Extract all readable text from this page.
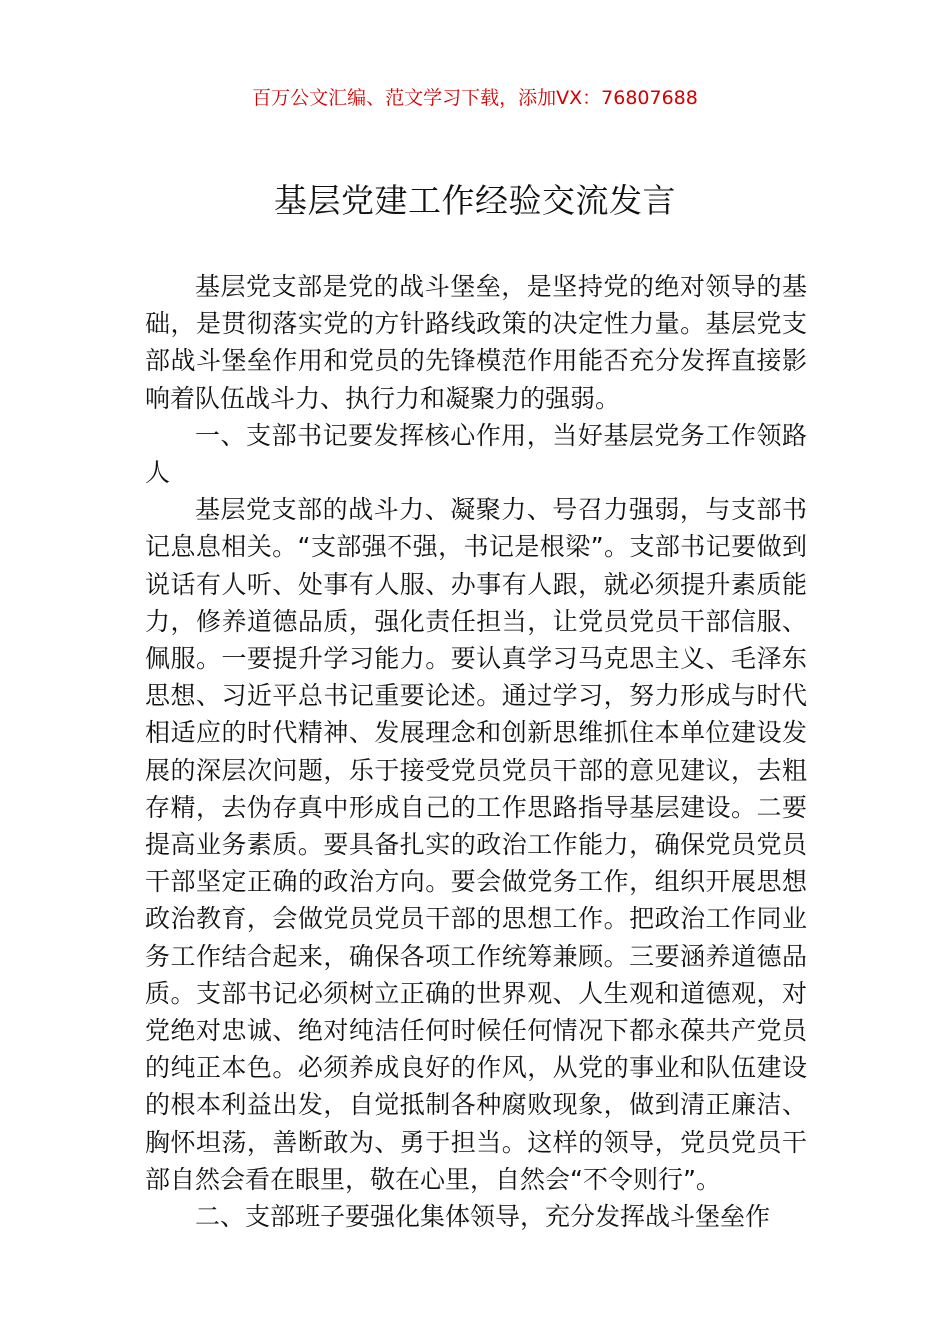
百万公文汇编、范文学习下载，添加VX：76807688
基层党建工作经验交流发言

基层党支部是党的战斗堡垒，是坚持党的绝对领导的基础，是贯彻落实党的方针路线政策的决定性力量。基层党支部战斗堡垒作用和党员的先锋模范作用能否充分发挥直接影响着队伍战斗力、执行力和凝聚力的强弱。

一、支部书记要发挥核心作用，当好基层党务工作领路人

基层党支部的战斗力、凝聚力、号召力强弱，与支部书记息息相关。“支部强不强，书记是根梁”。支部书记要做到说话有人听、处事有人服、办事有人跟，就必须提升素质能力，修养道德品质，强化责任担当，让党员党员干部信服、佩服。一要提升学习能力。要认真学习马克思主义、毛泽东思想、习近平总书记重要论述。通过学习，努力形成与时代相适应的时代精神、发展理念和创新思维抓住本单位建设发展的深层次问题，乐于接受党员党员干部的意见建议，去粗存精，去伪存真中形成自己的工作思路指导基层建设。二要提高业务素质。要具备扎实的政治工作能力，确保党员党员干部坚定正确的政治方向。要会做党务工作，组织开展思想政治教育，会做党员党员干部的思想工作。把政治工作同业务工作结合起来，确保各项工作统筹兼顾。三要涵养道德品质。支部书记必须树立正确的世界观、人生观和道德观，对党绝对忠诚、绝对纯洁任何时候任何情况下都永葆共产党员的纯正本色。必须养成良好的作风，从党的事业和队伍建设的根本利益出发，自觉抵制各种腐败现象，做到清正廉洁、胸怀坦荡，善断敢为、勇于担当。这样的领导，党员党员干部自然会看在眼里，敬在心里，自然会“不令则行”。

二、支部班子要强化集体领导，充分发挥战斗堡垒作
